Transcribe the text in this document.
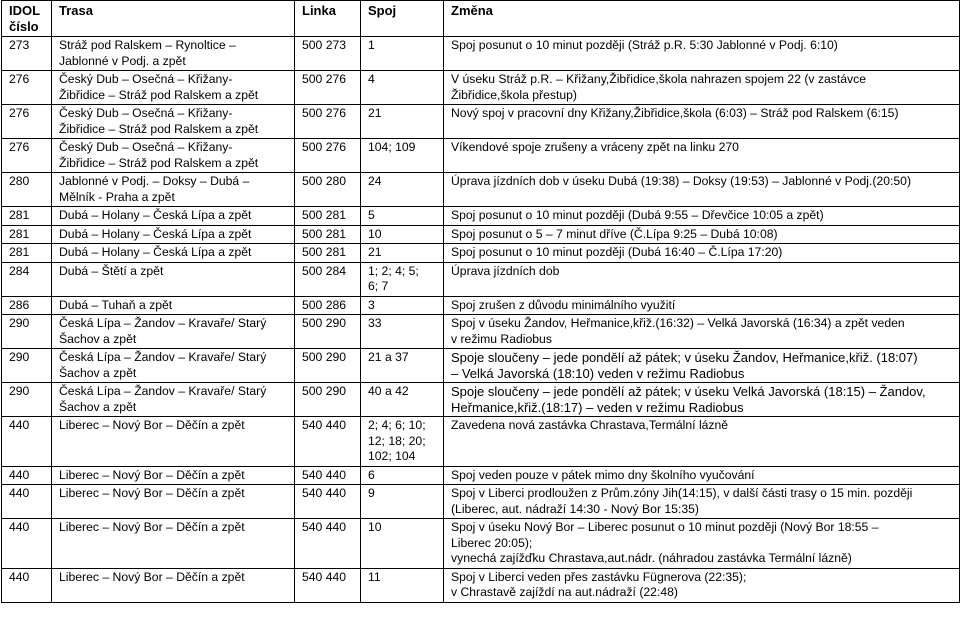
IDOL
číslo	Trasa	Linka	Spoj	Změna
273	Stráž pod Ralskem – Rynoltice –
Jablonné v Podj. a zpět	500 273	1	Spoj posunut o 10 minut později (Stráž p.R. 5:30 Jablonné v Podj. 6:10)
276	Český Dub – Osečná – Křižany-
Žibřidice – Stráž pod Ralskem a zpět	500 276	4	V úseku Stráž p.R. – Křižany,Žibřidice,škola nahrazen spojem 22 (v zastávce
Žibřidice,škola přestup)
276	Český Dub – Osečná – Křižany-
Žibřidice – Stráž pod Ralskem a zpět	500 276	21	Nový spoj v pracovní dny Křižany,Žibřidice,škola (6:03) – Stráž pod Ralskem (6:15)
276	Český Dub – Osečná – Křižany-
Žibřidice – Stráž pod Ralskem a zpět	500 276	104; 109	Víkendové spoje zrušeny a vráceny zpět na linku 270
280	Jablonné v Podj. – Doksy – Dubá –
Mělník - Praha a zpět	500 280	24	Úprava jízdních dob v úseku Dubá (19:38) – Doksy (19:53) – Jablonné v Podj.(20:50)
281	Dubá – Holany – Česká Lípa a zpět	500 281	5	Spoj posunut o 10 minut později (Dubá 9:55 – Dřevčice 10:05 a zpět)
281	Dubá – Holany – Česká Lípa a zpět	500 281	10	Spoj posunut o 5 – 7 minut dříve (Č.Lípa 9:25 – Dubá 10:08)
281	Dubá – Holany – Česká Lípa a zpět	500 281	21	Spoj posunut o 10 minut později (Dubá 16:40 – Č.Lípa 17:20)
284	Dubá – Štětí a zpět	500 284	1; 2; 4; 5;
6; 7	Úprava jízdních dob
286	Dubá – Tuhaň a zpět	500 286	3	Spoj zrušen z důvodu minimálního využití
290	Česká Lípa – Žandov – Kravaře/ Starý
Šachov a zpět	500 290	33	Spoj v úseku Žandov, Heřmanice,křiž.(16:32) – Velká Javorská (16:34) a zpět veden
v režimu Radiobus
290	Česká Lípa – Žandov – Kravaře/ Starý
Šachov a zpět	500 290	21 a 37	Spoje sloučeny – jede pondělí až pátek; v úseku Žandov, Heřmanice,křiž. (18:07)
– Velká Javorská (18:10) veden v režimu Radiobus
290	Česká Lípa – Žandov – Kravaře/ Starý
Šachov a zpět	500 290	40 a 42	Spoje sloučeny – jede pondělí až pátek; v úseku Velká Javorská (18:15) – Žandov,
Heřmanice,křiž.(18:17) – veden v režimu Radiobus
440	Liberec – Nový Bor – Děčín a zpět	540 440	2; 4; 6; 10;
12; 18; 20;
102; 104	Zavedena nová zastávka Chrastava,Termální lázně
440	Liberec – Nový Bor – Děčín a zpět	540 440	6	Spoj veden pouze v pátek mimo dny školního vyučování
440	Liberec – Nový Bor – Děčín a zpět	540 440	9	Spoj v Liberci prodloužen z Prům.zóny Jih(14:15), v další části trasy o 15 min. později
(Liberec, aut. nádraží 14:30 - Nový Bor 15:35)
440	Liberec – Nový Bor – Děčín a zpět	540 440	10	Spoj v úseku Nový Bor – Liberec posunut o 10 minut později (Nový Bor 18:55 –
Liberec 20:05);
vynechá zajížďku Chrastava,aut.nádr. (náhradou zastávka Termální lázně)
440	Liberec – Nový Bor – Děčín a zpět	540 440	11	Spoj v Liberci veden přes zastávku Fügnerova (22:35);
v Chrastavě zajíždí na aut.nádraží (22:48)
